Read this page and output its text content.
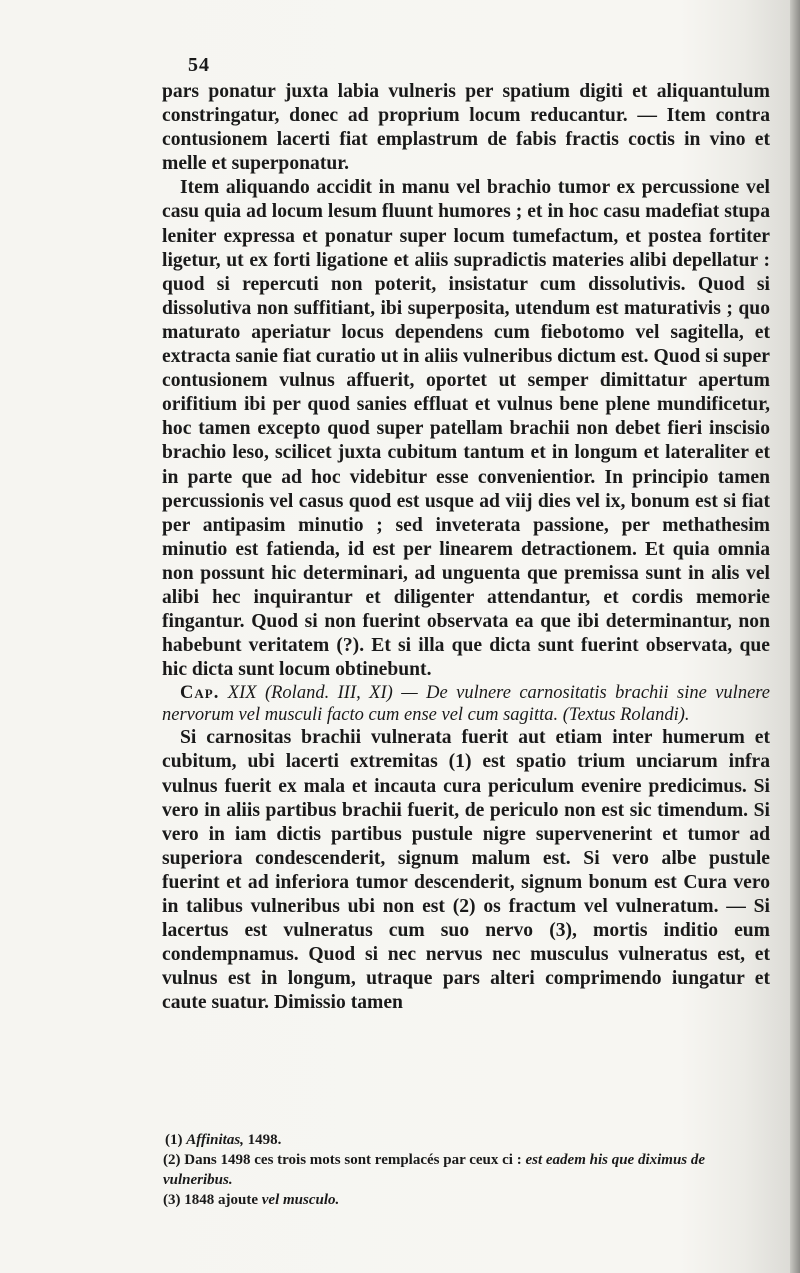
54

pars ponatur juxta labia vulneris per spatium digiti et aliquantulum constringatur, donec ad proprium locum reducantur. — Item contra contusionem lacerti fiat emplastrum de fabis fractis coctis in vino et melle et superponatur.

Item aliquando accidit in manu vel brachio tumor ex percussione vel casu quia ad locum lesum fluunt humores ; et in hoc casu madefiat stupa leniter expressa et ponatur super locum tumefactum, et postea fortiter ligetur, ut ex forti ligatione et aliis supradictis materies alibi depellatur : quod si repercuti non poterit, insistatur cum dissolutivis. Quod si dissolutiva non suffitiant, ibi superposita, utendum est maturativis ; quo maturato aperiatur locus dependens cum fiebotomo vel sagitella, et extracta sanie fiat curatio ut in aliis vulneribus dictum est. Quod si super contusionem vulnus affuerit, oportet ut semper dimittatur apertum orifitium ibi per quod sanies effluat et vulnus bene plene mundificetur, hoc tamen excepto quod super patellam brachii non debet fieri inscisio brachio leso, scilicet juxta cubitum tantum et in longum et lateraliter et in parte que ad hoc videbitur esse convenientior. In principio tamen percussionis vel casus quod est usque ad viij dies vel ix, bonum est si fiat per antipasim minutio ; sed inveterata passione, per methathesim minutio est fatienda, id est per linearem detractionem. Et quia omnia non possunt hic determinari, ad unguenta que premissa sunt in alis vel alibi hec inquirantur et diligenter attendantur, et cordis memorie fingantur. Quod si non fuerint observata ea que ibi determinantur, non habebunt veritatem (?). Et si illa que dicta sunt fuerint observata, que hic dicta sunt locum obtinebunt.

Cap. XIX (Roland. III, XI) — De vulnere carnositatis brachii sine vulnere nervorum vel musculi facto cum ense vel cum sagitta. (Textus Rolandi).

Si carnositas brachii vulnerata fuerit aut etiam inter humerum et cubitum, ubi lacerti extremitas (1) est spatio trium unciarum infra vulnus fuerit ex mala et incauta cura periculum evenire predicimus. Si vero in aliis partibus brachii fuerit, de periculo non est sic timendum. Si vero in iam dictis partibus pustule nigre supervenerint et tumor ad superiora condescenderit, signum malum est. Si vero albe pustule fuerint et ad inferiora tumor descenderit, signum bonum est Cura vero in talibus vulneribus ubi non est (2) os fractum vel vulneratum. — Si lacertus est vulneratus cum suo nervo (3), mortis inditio eum condempnamus. Quod si nec nervus nec musculus vulneratus est, et vulnus est in longum, utraque pars alteri comprimendo iungatur et caute suatur. Dimissio tamen

(1) Affinitas, 1498.

(2) Dans 1498 ces trois mots sont remplacés par ceux ci : est eadem his que diximus de vulneribus.

(3) 1848 ajoute vel musculo.
